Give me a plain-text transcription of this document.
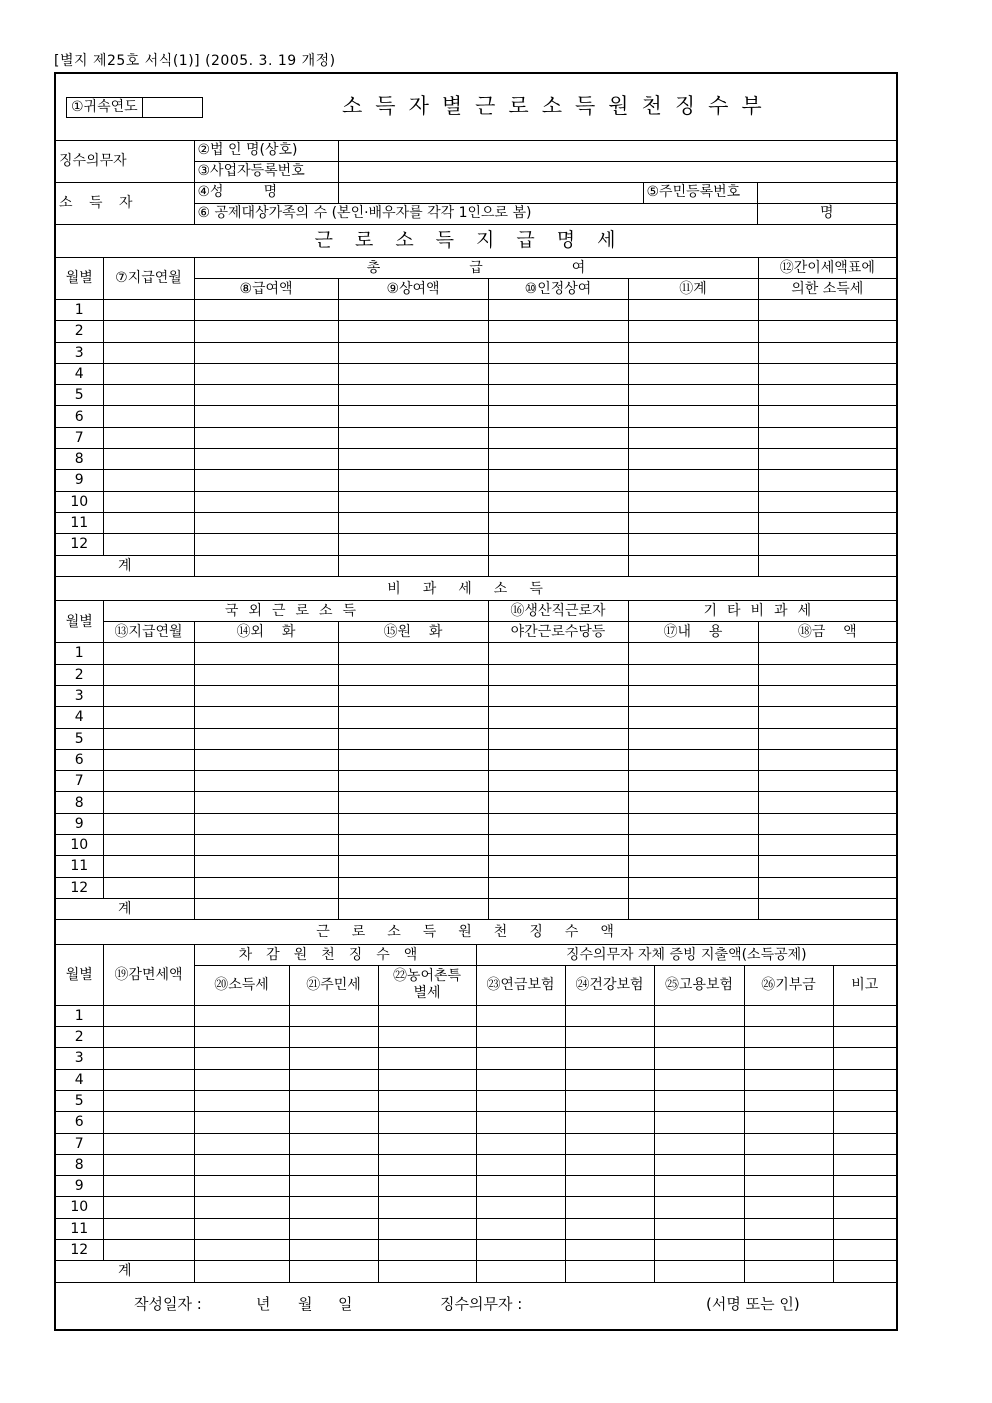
[별지 제25호 서식(1)] (2005. 3. 19 개정)
①귀속연도 소득자별근로소득원천징수부				

징수의무자	②법 인 명(상호)			
	③사업자등록번호			
소 득 자	④성         명		⑤주민등록번호	
	⑥ 공제대상가족의 수 (본인·배우자를 각각 1인으로 봄)			명
근로소득지급명세						
월별	⑦지급연월	총                    급                    여				⑫간이세액표에
		⑧급여액	⑨상여액	⑩인정상여	⑪계	의한 소득세
1						
2						
3						
4						
5						
6						
7						
8						
9						
10						
11						
12						
계						
비과세소득						
월별	국외근로소득			⑯생산직근로자	기타비과세	
	⑬지급연월	⑭외    화	⑮원    화	야간근로수당등	⑰내    용	⑱금    액
1						
2						
3						
4						
5						
6						
7						
8						
9						
10						
11						
12						
계						
근로소득원천징수액									
월별	⑲감면세액	차감원천징수액			징수의무자 자체 증빙 지출액(소득공제)				
		⑳소득세	㉑주민세	㉒농어촌특
별세	㉓연금보험	㉔건강보험	㉕고용보험	㉖기부금	비고
1									
2									
3									
4									
5									
6									
7									
8									
9									
10									
11									
12									
계									
작성일자 :	년 월 일	징수의무자 :	(서명 또는 인)
